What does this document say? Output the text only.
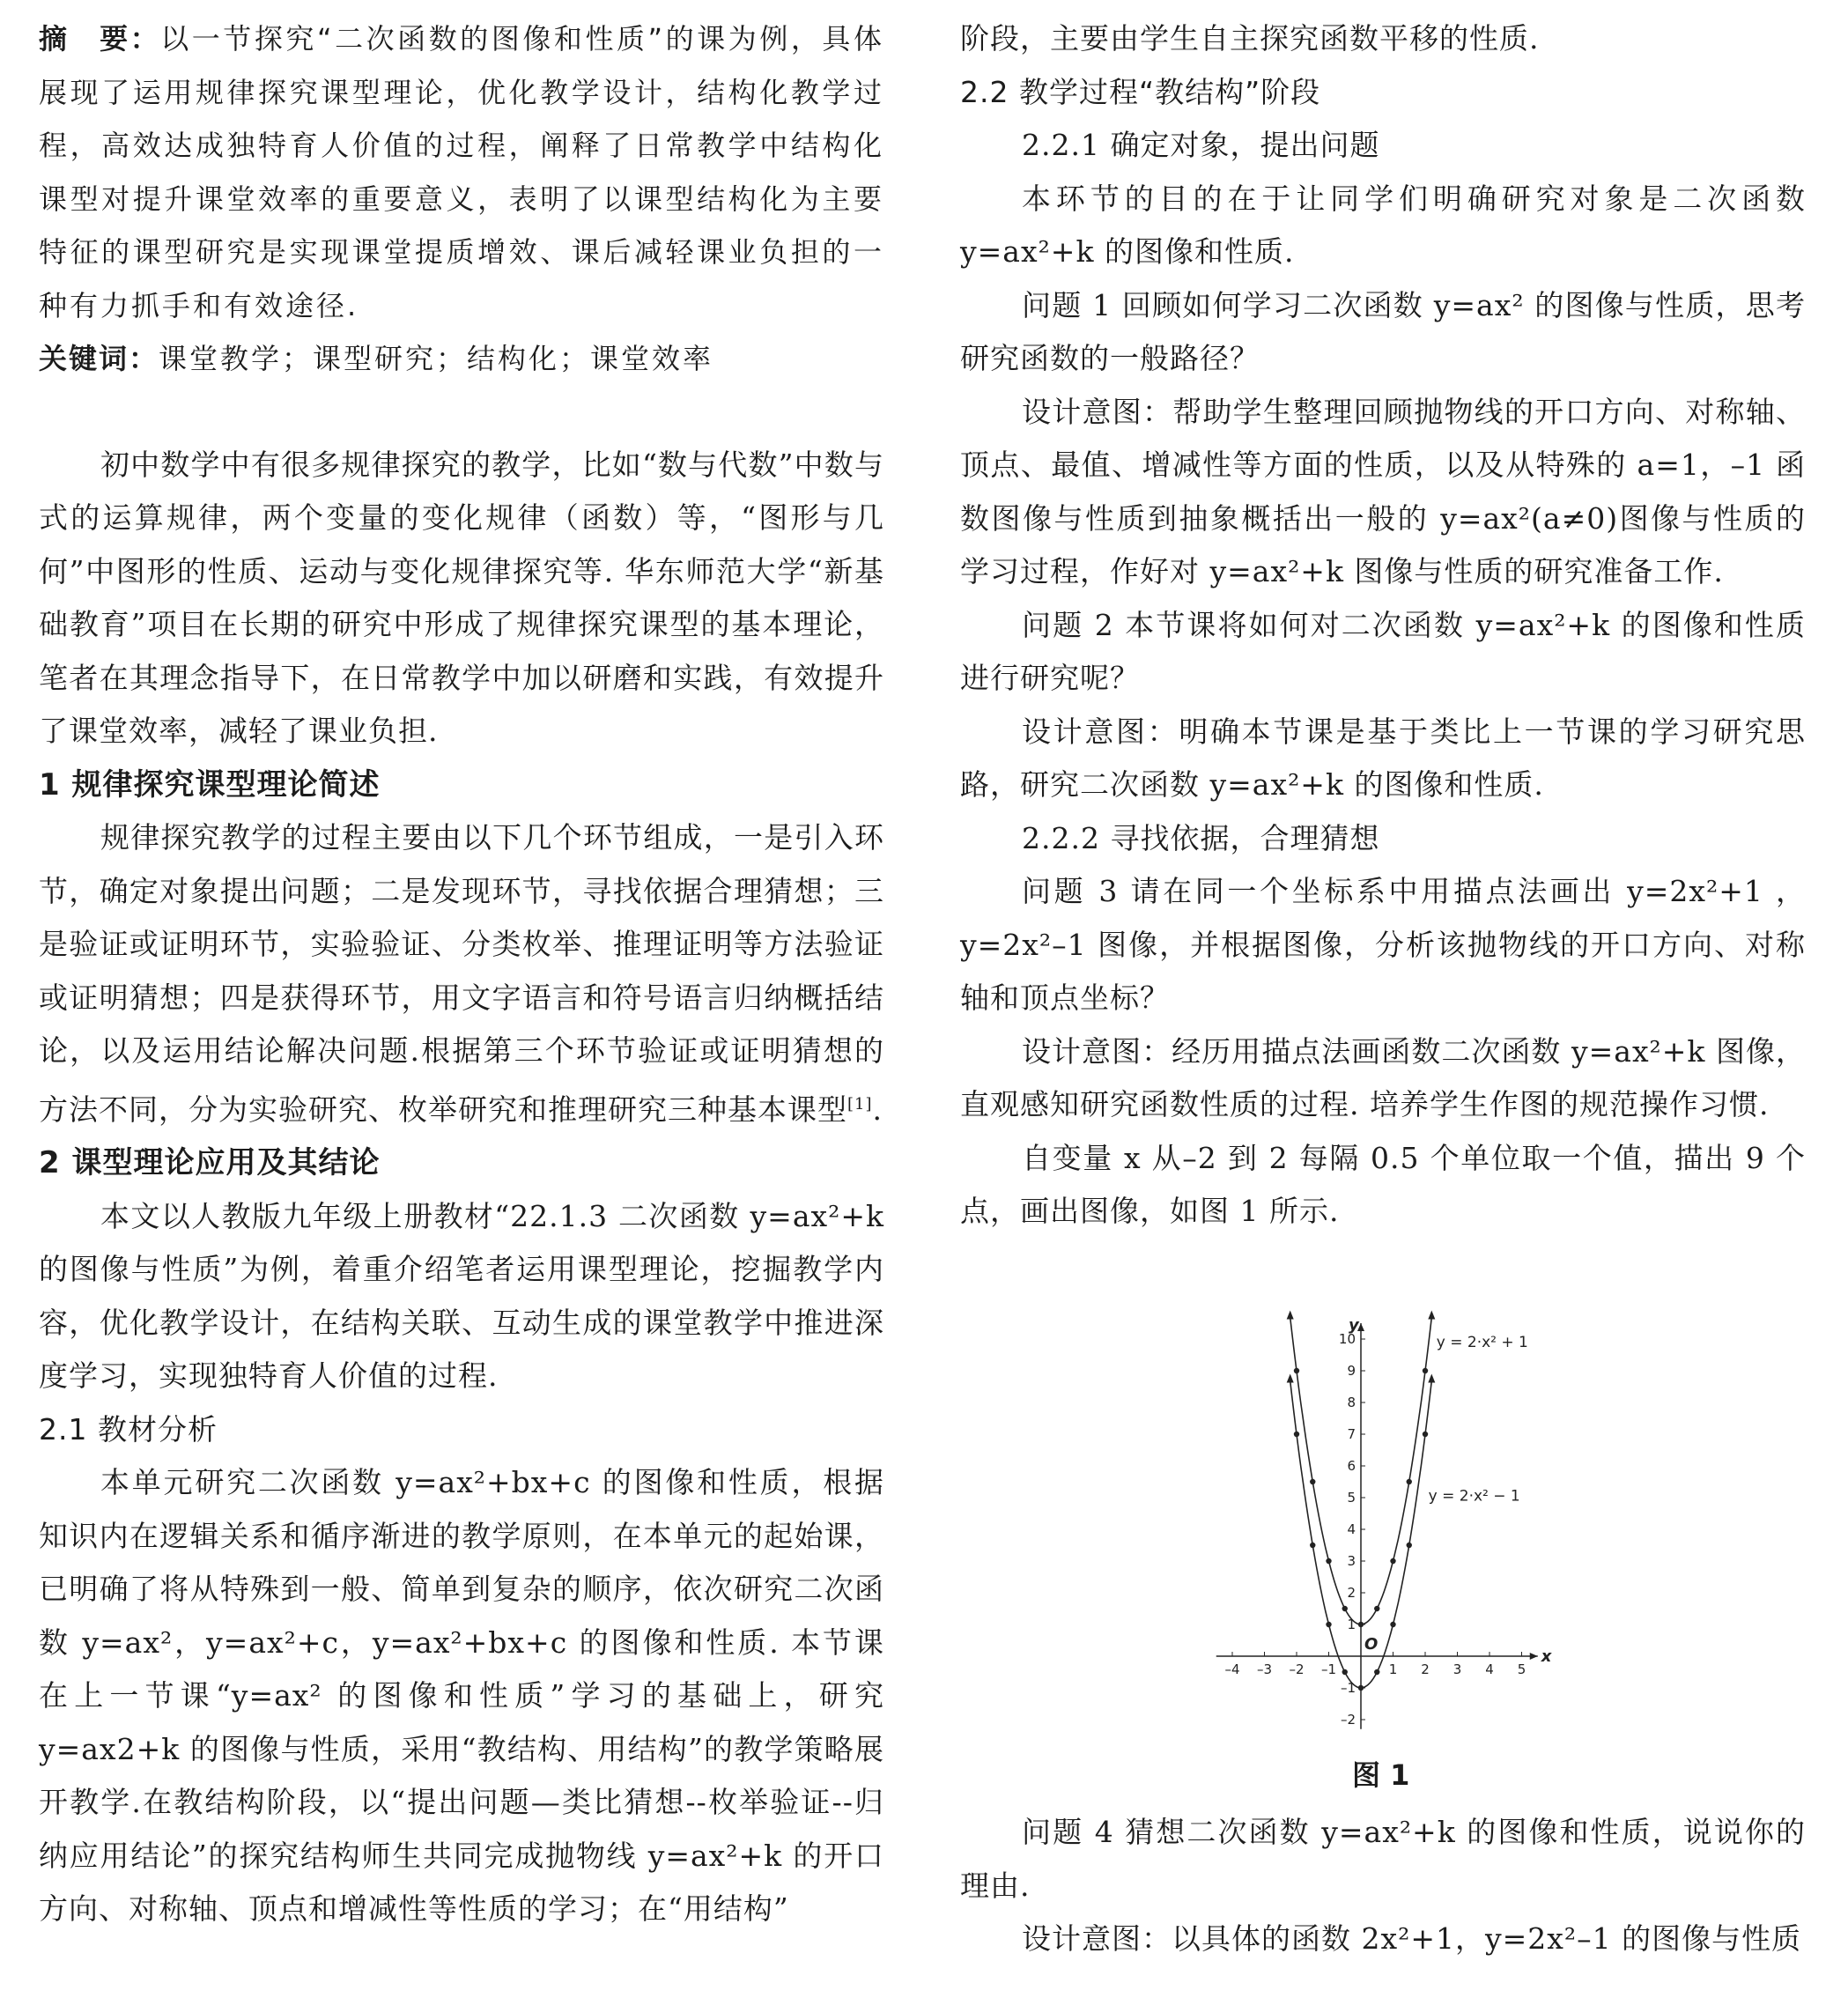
摘　要：以一节探究“二次函数的图像和性质”的课为例，具体展现了运用规律探究课型理论，优化教学设计，结构化教学过程，高效达成独特育人价值的过程，阐释了日常教学中结构化课型对提升课堂效率的重要意义，表明了以课型结构化为主要特征的课型研究是实现课堂提质增效、课后减轻课业负担的一种有力抓手和有效途径.

关键词：课堂教学；课型研究；结构化；课堂效率

初中数学中有很多规律探究的教学，比如“数与代数”中数与式的运算规律，两个变量的变化规律（函数）等，“图形与几何”中图形的性质、运动与变化规律探究等. 华东师范大学“新基础教育”项目在长期的研究中形成了规律探究课型的基本理论，笔者在其理念指导下，在日常教学中加以研磨和实践，有效提升了课堂效率，减轻了课业负担.

1 规律探究课型理论简述

规律探究教学的过程主要由以下几个环节组成，一是引入环节，确定对象提出问题；二是发现环节，寻找依据合理猜想；三是验证或证明环节，实验验证、分类枚举、推理证明等方法验证或证明猜想；四是获得环节，用文字语言和符号语言归纳概括结论，以及运用结论解决问题.根据第三个环节验证或证明猜想的方法不同，分为实验研究、枚举研究和推理研究三种基本课型[1].

2 课型理论应用及其结论

本文以人教版九年级上册教材“22.1.3 二次函数 y=ax²+k 的图像与性质”为例，着重介绍笔者运用课型理论，挖掘教学内容，优化教学设计，在结构关联、互动生成的课堂教学中推进深度学习，实现独特育人价值的过程.

2.1 教材分析

本单元研究二次函数 y=ax²+bx+c 的图像和性质，根据知识内在逻辑关系和循序渐进的教学原则，在本单元的起始课，已明确了将从特殊到一般、简单到复杂的顺序，依次研究二次函数 y=ax²，y=ax²+c，y=ax²+bx+c 的图像和性质. 本节课在上一节课“y=ax² 的图像和性质”学习的基础上，研究 y=ax2+k 的图像与性质，采用“教结构、用结构”的教学策略展开教学.在教结构阶段，以“提出问题—类比猜想--枚举验证--归纳应用结论”的探究结构师生共同完成抛物线 y=ax²+k 的开口方向、对称轴、顶点和增减性等性质的学习；在“用结构”

阶段，主要由学生自主探究函数平移的性质.

2.2 教学过程“教结构”阶段

2.2.1 确定对象，提出问题

本环节的目的在于让同学们明确研究对象是二次函数 y=ax²+k 的图像和性质.

问题 1 回顾如何学习二次函数 y=ax² 的图像与性质，思考研究函数的一般路径？

设计意图：帮助学生整理回顾抛物线的开口方向、对称轴、顶点、最值、增减性等方面的性质，以及从特殊的 a=1，–1 函数图像与性质到抽象概括出一般的 y=ax²(a≠0)图像与性质的学习过程，作好对 y=ax²+k 图像与性质的研究准备工作.

问题 2 本节课将如何对二次函数 y=ax²+k 的图像和性质进行研究呢？

设计意图：明确本节课是基于类比上一节课的学习研究思路，研究二次函数 y=ax²+k 的图像和性质.

2.2.2 寻找依据，合理猜想

问题 3 请在同一个坐标系中用描点法画出 y=2x²+1 ，y=2x²–1 图像，并根据图像，分析该抛物线的开口方向、对称轴和顶点坐标？

设计意图：经历用描点法画函数二次函数 y=ax²+k 图像，直观感知研究函数性质的过程. 培养学生作图的规范操作习惯.

自变量 x 从–2 到 2 每隔 0.5 个单位取一个值，描出 9 个点，画出图像，如图 1 所示.

–4 –3 –2 –1	1 2 3 4 5
–2
–1
1
2
3
4
5
6
7
8
9
10
x
y
O
y = 2·x² + 1
y = 2·x² − 1
图 1

问题 4 猜想二次函数 y=ax²+k 的图像和性质，说说你的理由.

设计意图：以具体的函数 2x²+1，y=2x²–1 的图像与性质
